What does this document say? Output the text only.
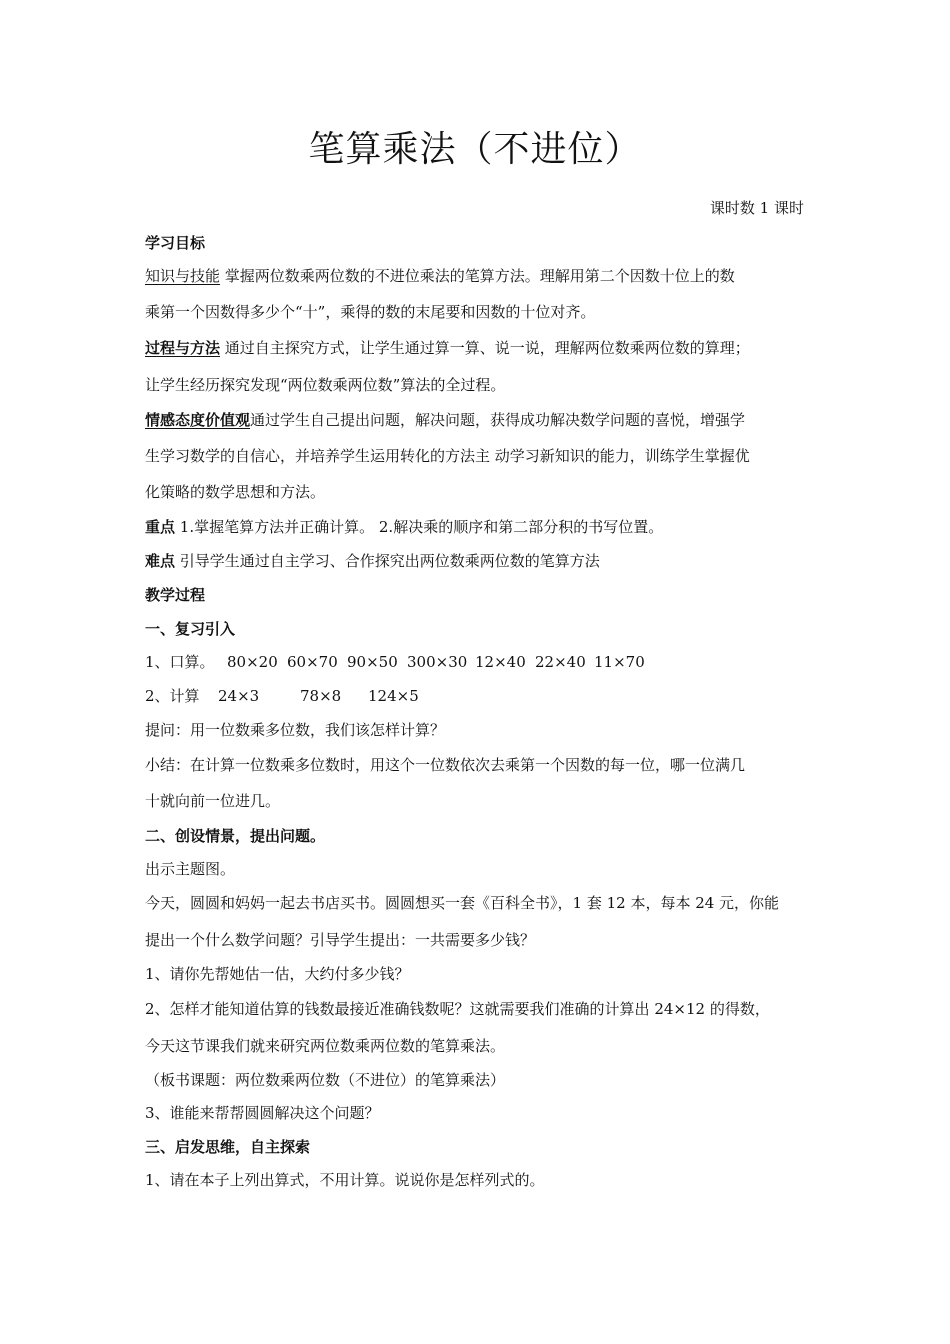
笔算乘法（不进位）
课时数 1 课时
学习目标
知识与技能 掌握两位数乘两位数的不进位乘法的笔算方法。理解用第二个因数十位上的数
乘第一个因数得多少个“十”，乘得的数的末尾要和因数的十位对齐。
过程与方法 通过自主探究方式，让学生通过算一算、说一说，理解两位数乘两位数的算理；
让学生经历探究发现“两位数乘两位数”算法的全过程。
情感态度价值观通过学生自己提出问题，解决问题，获得成功解决数学问题的喜悦，增强学
生学习数学的自信心，并培养学生运用转化的方法主 动学习新知识的能力，训练学生掌握优
化策略的数学思想和方法。
重点 1.掌握笔算方法并正确计算。 2.解决乘的顺序和第二部分积的书写位置。
难点 引导学生通过自主学习、合作探究出两位数乘两位数的笔算方法
教学过程
一、复习引入
1、口算。 80×20 60×70 90×50 300×30 12×40 22×40 11×70
2、计算 24×3	78×8 124×5
提问：用一位数乘多位数，我们该怎样计算？
小结：在计算一位数乘多位数时，用这个一位数依次去乘第一个因数的每一位，哪一位满几
十就向前一位进几。
二、创设情景，提出问题。
出示主题图。
今天，圆圆和妈妈一起去书店买书。圆圆想买一套《百科全书》，1 套 12 本，每本 24 元，你能
提出一个什么数学问题？引导学生提出：一共需要多少钱？
1、请你先帮她估一估，大约付多少钱？
2、怎样才能知道估算的钱数最接近准确钱数呢？这就需要我们准确的计算出 24×12 的得数，
今天这节课我们就来研究两位数乘两位数的笔算乘法。
（板书课题：两位数乘两位数（不进位）的笔算乘法）
3、谁能来帮帮圆圆解决这个问题？
三、启发思维，自主探索
1、请在本子上列出算式，不用计算。说说你是怎样列式的。
